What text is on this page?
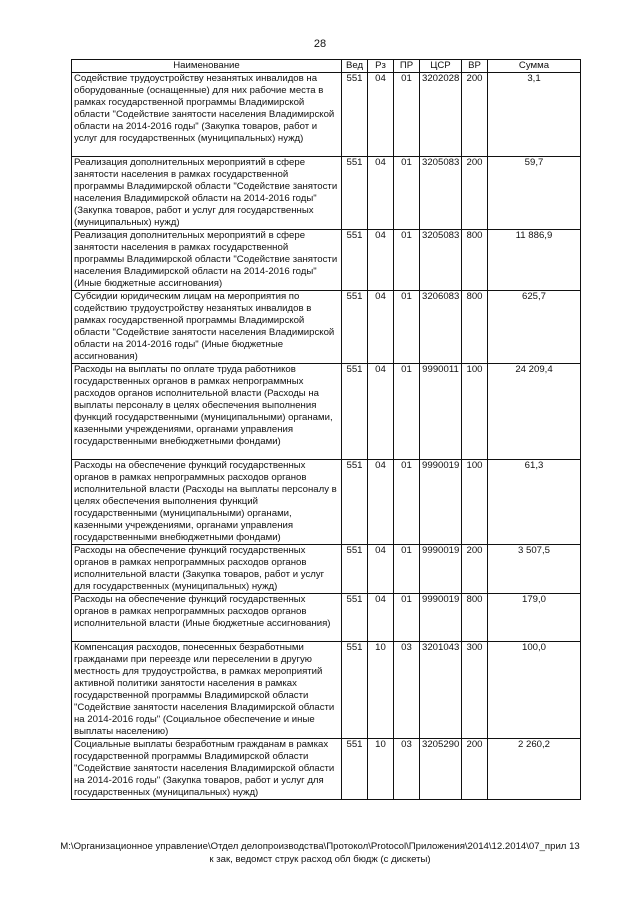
28
Наименование	Вед	Рз	ПР	ЦСР	ВР	Сумма
Содействие трудоустройству незанятых инвалидов на оборудованные (оснащенные) для них рабочие места в рамках государственной программы Владимирской области "Содействие занятости населения Владимирской области на 2014-2016 годы" (Закупка товаров, работ и услуг для государственных (муниципальных) нужд)	551	04	01	3202028	200	3,1
Реализация дополнительных мероприятий в сфере занятости населения в рамках государственной программы Владимирской области "Содействие занятости населения Владимирской области на 2014-2016 годы" (Закупка товаров, работ и услуг для государственных (муниципальных) нужд)	551	04	01	3205083	200	59,7
Реализация дополнительных мероприятий в сфере занятости населения в рамках государственной программы Владимирской области "Содействие занятости населения Владимирской области на 2014-2016 годы" (Иные бюджетные ассигнования)	551	04	01	3205083	800	11 886,9
Субсидии юридическим лицам на мероприятия по содействию трудоустройству незанятых инвалидов в рамках государственной программы Владимирской области "Содействие занятости населения Владимирской области на 2014-2016 годы" (Иные бюджетные ассигнования)	551	04	01	3206083	800	625,7
Расходы на выплаты по оплате труда работников государственных органов в рамках непрограммных расходов органов исполнительной власти (Расходы на выплаты персоналу в целях обеспечения выполнения функций государственными (муниципальными) органами, казенными учреждениями, органами управления государственными внебюджетными фондами)	551	04	01	9990011	100	24 209,4
Расходы на обеспечение функций государственных органов в рамках непрограммных расходов органов исполнительной власти (Расходы на выплаты персоналу в целях обеспечения выполнения функций государственными (муниципальными) органами, казенными учреждениями, органами управления государственными внебюджетными фондами)	551	04	01	9990019	100	61,3
Расходы на обеспечение функций государственных органов в рамках непрограммных расходов органов исполнительной власти (Закупка товаров, работ и услуг для государственных (муниципальных) нужд)	551	04	01	9990019	200	3 507,5
Расходы на обеспечение функций государственных органов в рамках непрограммных расходов органов исполнительной власти (Иные бюджетные ассигнования)	551	04	01	9990019	800	179,0
Компенсация расходов, понесенных безработными гражданами при переезде или переселении в другую местность для трудоустройства, в рамках мероприятий активной политики занятости населения в рамках государственной программы Владимирской области "Содействие занятости населения Владимирской области на 2014-2016 годы" (Социальное обеспечение и иные выплаты населению)	551	10	03	3201043	300	100,0
Социальные выплаты безработным гражданам в рамках государственной программы Владимирской области "Содействие занятости населения Владимирской области на 2014-2016 годы" (Закупка товаров, работ и услуг для государственных (муниципальных) нужд)	551	10	03	3205290	200	2 260,2
M:\Организационное управление\Отдел делопроизводства\Протокол\Protocol\Приложения\2014\12.2014\07_прил 13
к зак, ведомст струк расход обл бюдж (с дискеты)
